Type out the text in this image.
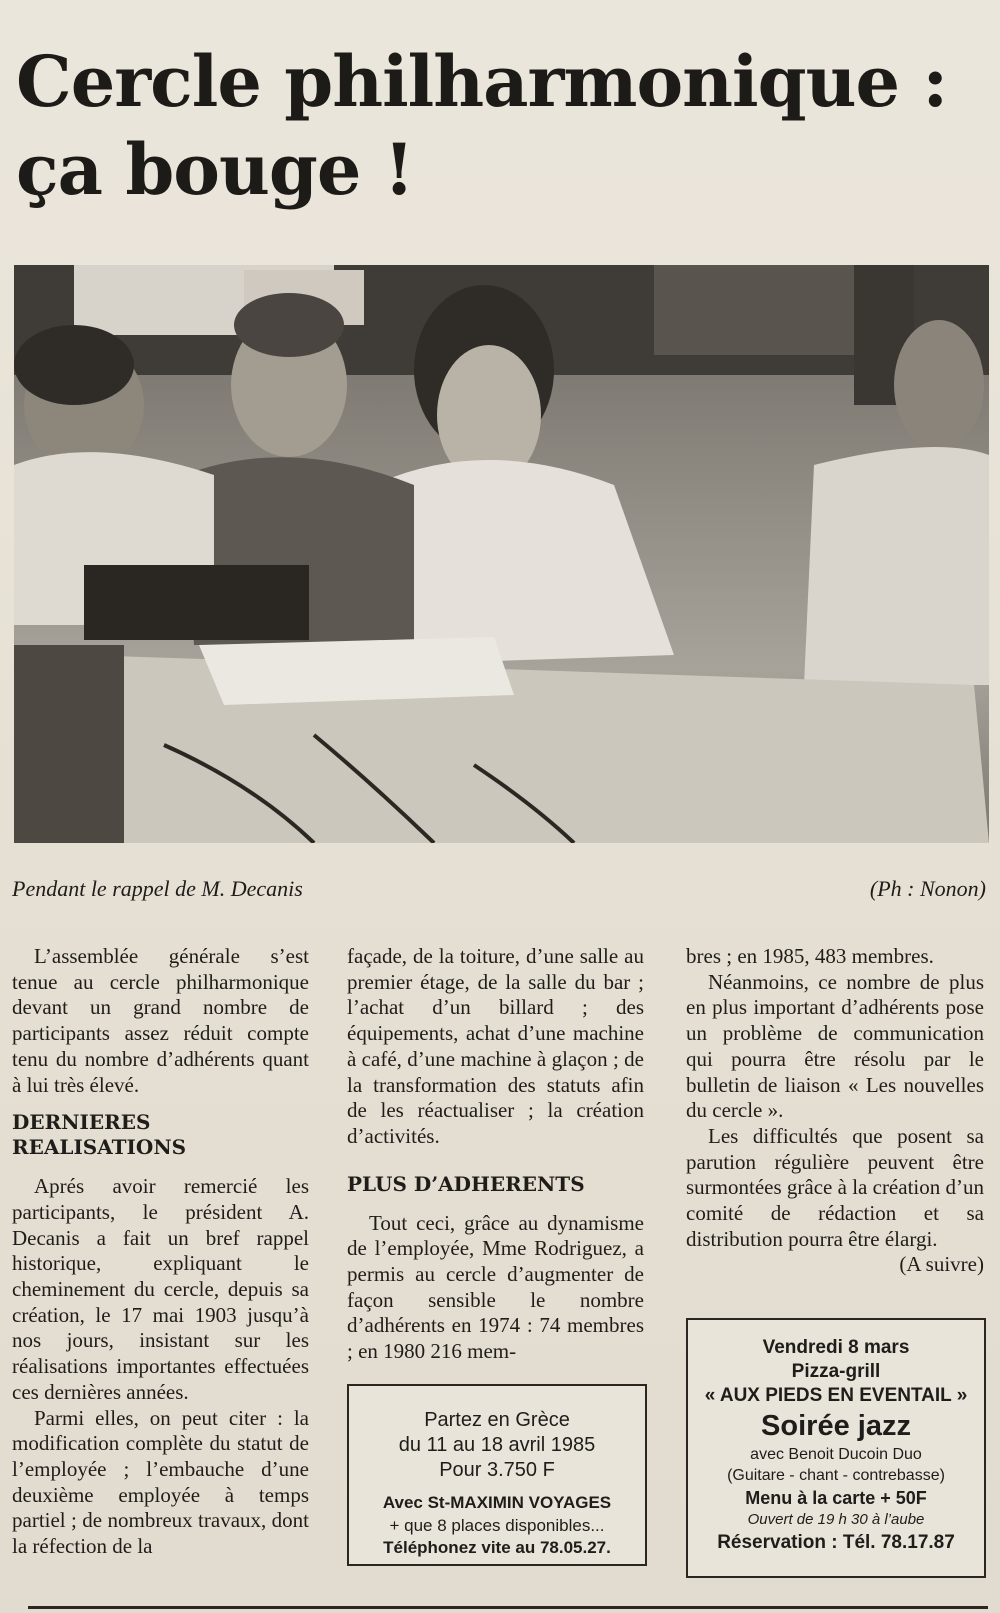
Cercle philharmonique :
ça bouge !
Pendant le rappel de M. Decanis	(Ph : Nonon)

L’assemblée générale s’est tenue au cercle philharmonique devant un grand nombre de participants assez réduit compte tenu du nombre d’adhérents quant à lui très élevé.

DERNIERES
REALISATIONS

Aprés avoir remercié les participants, le président A. Decanis a fait un bref rappel historique, expliquant le cheminement du cercle, depuis sa création, le 17 mai 1903 jusqu’à nos jours, insistant sur les réalisations importantes effectuées ces dernières années.

Parmi elles, on peut citer : la modification complète du statut de l’employée ; l’embauche d’une deuxième employée à temps partiel ; de nombreux travaux, dont la réfection de la

façade, de la toiture, d’une salle au premier étage, de la salle du bar ; l’achat d’un billard ; des équipements, achat d’une machine à café, d’une machine à glaçon ; de la transformation des statuts afin de les réactualiser ; la création d’activités.

PLUS D’ADHERENTS

Tout ceci, grâce au dynamisme de l’employée, Mme Rodriguez, a permis au cercle d’augmenter de façon sensible le nombre d’adhérents en 1974 : 74 membres ; en 1980 216 mem-

bres ; en 1985, 483 membres.

Néanmoins, ce nombre de plus en plus important d’adhérents pose un problème de communication qui pourra être résolu par le bulletin de liaison « Les nouvelles du cercle ».

Les difficultés que posent sa parution régulière peuvent être surmontées grâce à la création d’un comité de rédaction et sa distribution pourra être élargi.

(A suivre)

Partez en Grèce
du 11 au 18 avril 1985
Pour 3.750 F
Avec St-MAXIMIN VOYAGES
+ que 8 places disponibles...
Téléphonez vite au 78.05.27.
Vendredi 8 mars
Pizza-grill
« AUX PIEDS EN EVENTAIL »
Soirée jazz
avec Benoit Ducoin Duo
(Guitare - chant - contrebasse)
Menu à la carte + 50F
Ouvert de 19 h 30 à l’aube
Réservation : Tél. 78.17.87
